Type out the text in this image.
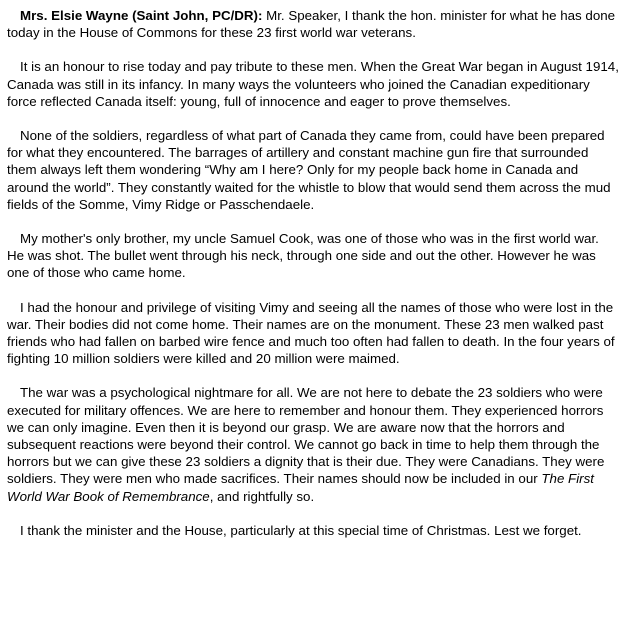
Mrs. Elsie Wayne (Saint John, PC/DR): Mr. Speaker, I thank the hon. minister for what he has done today in the House of Commons for these 23 first world war veterans.

It is an honour to rise today and pay tribute to these men. When the Great War began in August 1914, Canada was still in its infancy. In many ways the volunteers who joined the Canadian expeditionary force reflected Canada itself: young, full of innocence and eager to prove themselves.

None of the soldiers, regardless of what part of Canada they came from, could have been prepared for what they encountered. The barrages of artillery and constant machine gun fire that surrounded them always left them wondering “Why am I here? Only for my people back home in Canada and around the world”. They constantly waited for the whistle to blow that would send them across the mud fields of the Somme, Vimy Ridge or Passchendaele.

My mother's only brother, my uncle Samuel Cook, was one of those who was in the first world war. He was shot. The bullet went through his neck, through one side and out the other. However he was one of those who came home.

I had the honour and privilege of visiting Vimy and seeing all the names of those who were lost in the war. Their bodies did not come home. Their names are on the monument. These 23 men walked past friends who had fallen on barbed wire fence and much too often had fallen to death. In the four years of fighting 10 million soldiers were killed and 20 million were maimed.

The war was a psychological nightmare for all. We are not here to debate the 23 soldiers who were executed for military offences. We are here to remember and honour them. They experienced horrors we can only imagine. Even then it is beyond our grasp. We are aware now that the horrors and subsequent reactions were beyond their control. We cannot go back in time to help them through the horrors but we can give these 23 soldiers a dignity that is their due. They were Canadians. They were soldiers. They were men who made sacrifices. Their names should now be included in our The First World War Book of Remembrance, and rightfully so.

I thank the minister and the House, particularly at this special time of Christmas. Lest we forget.
